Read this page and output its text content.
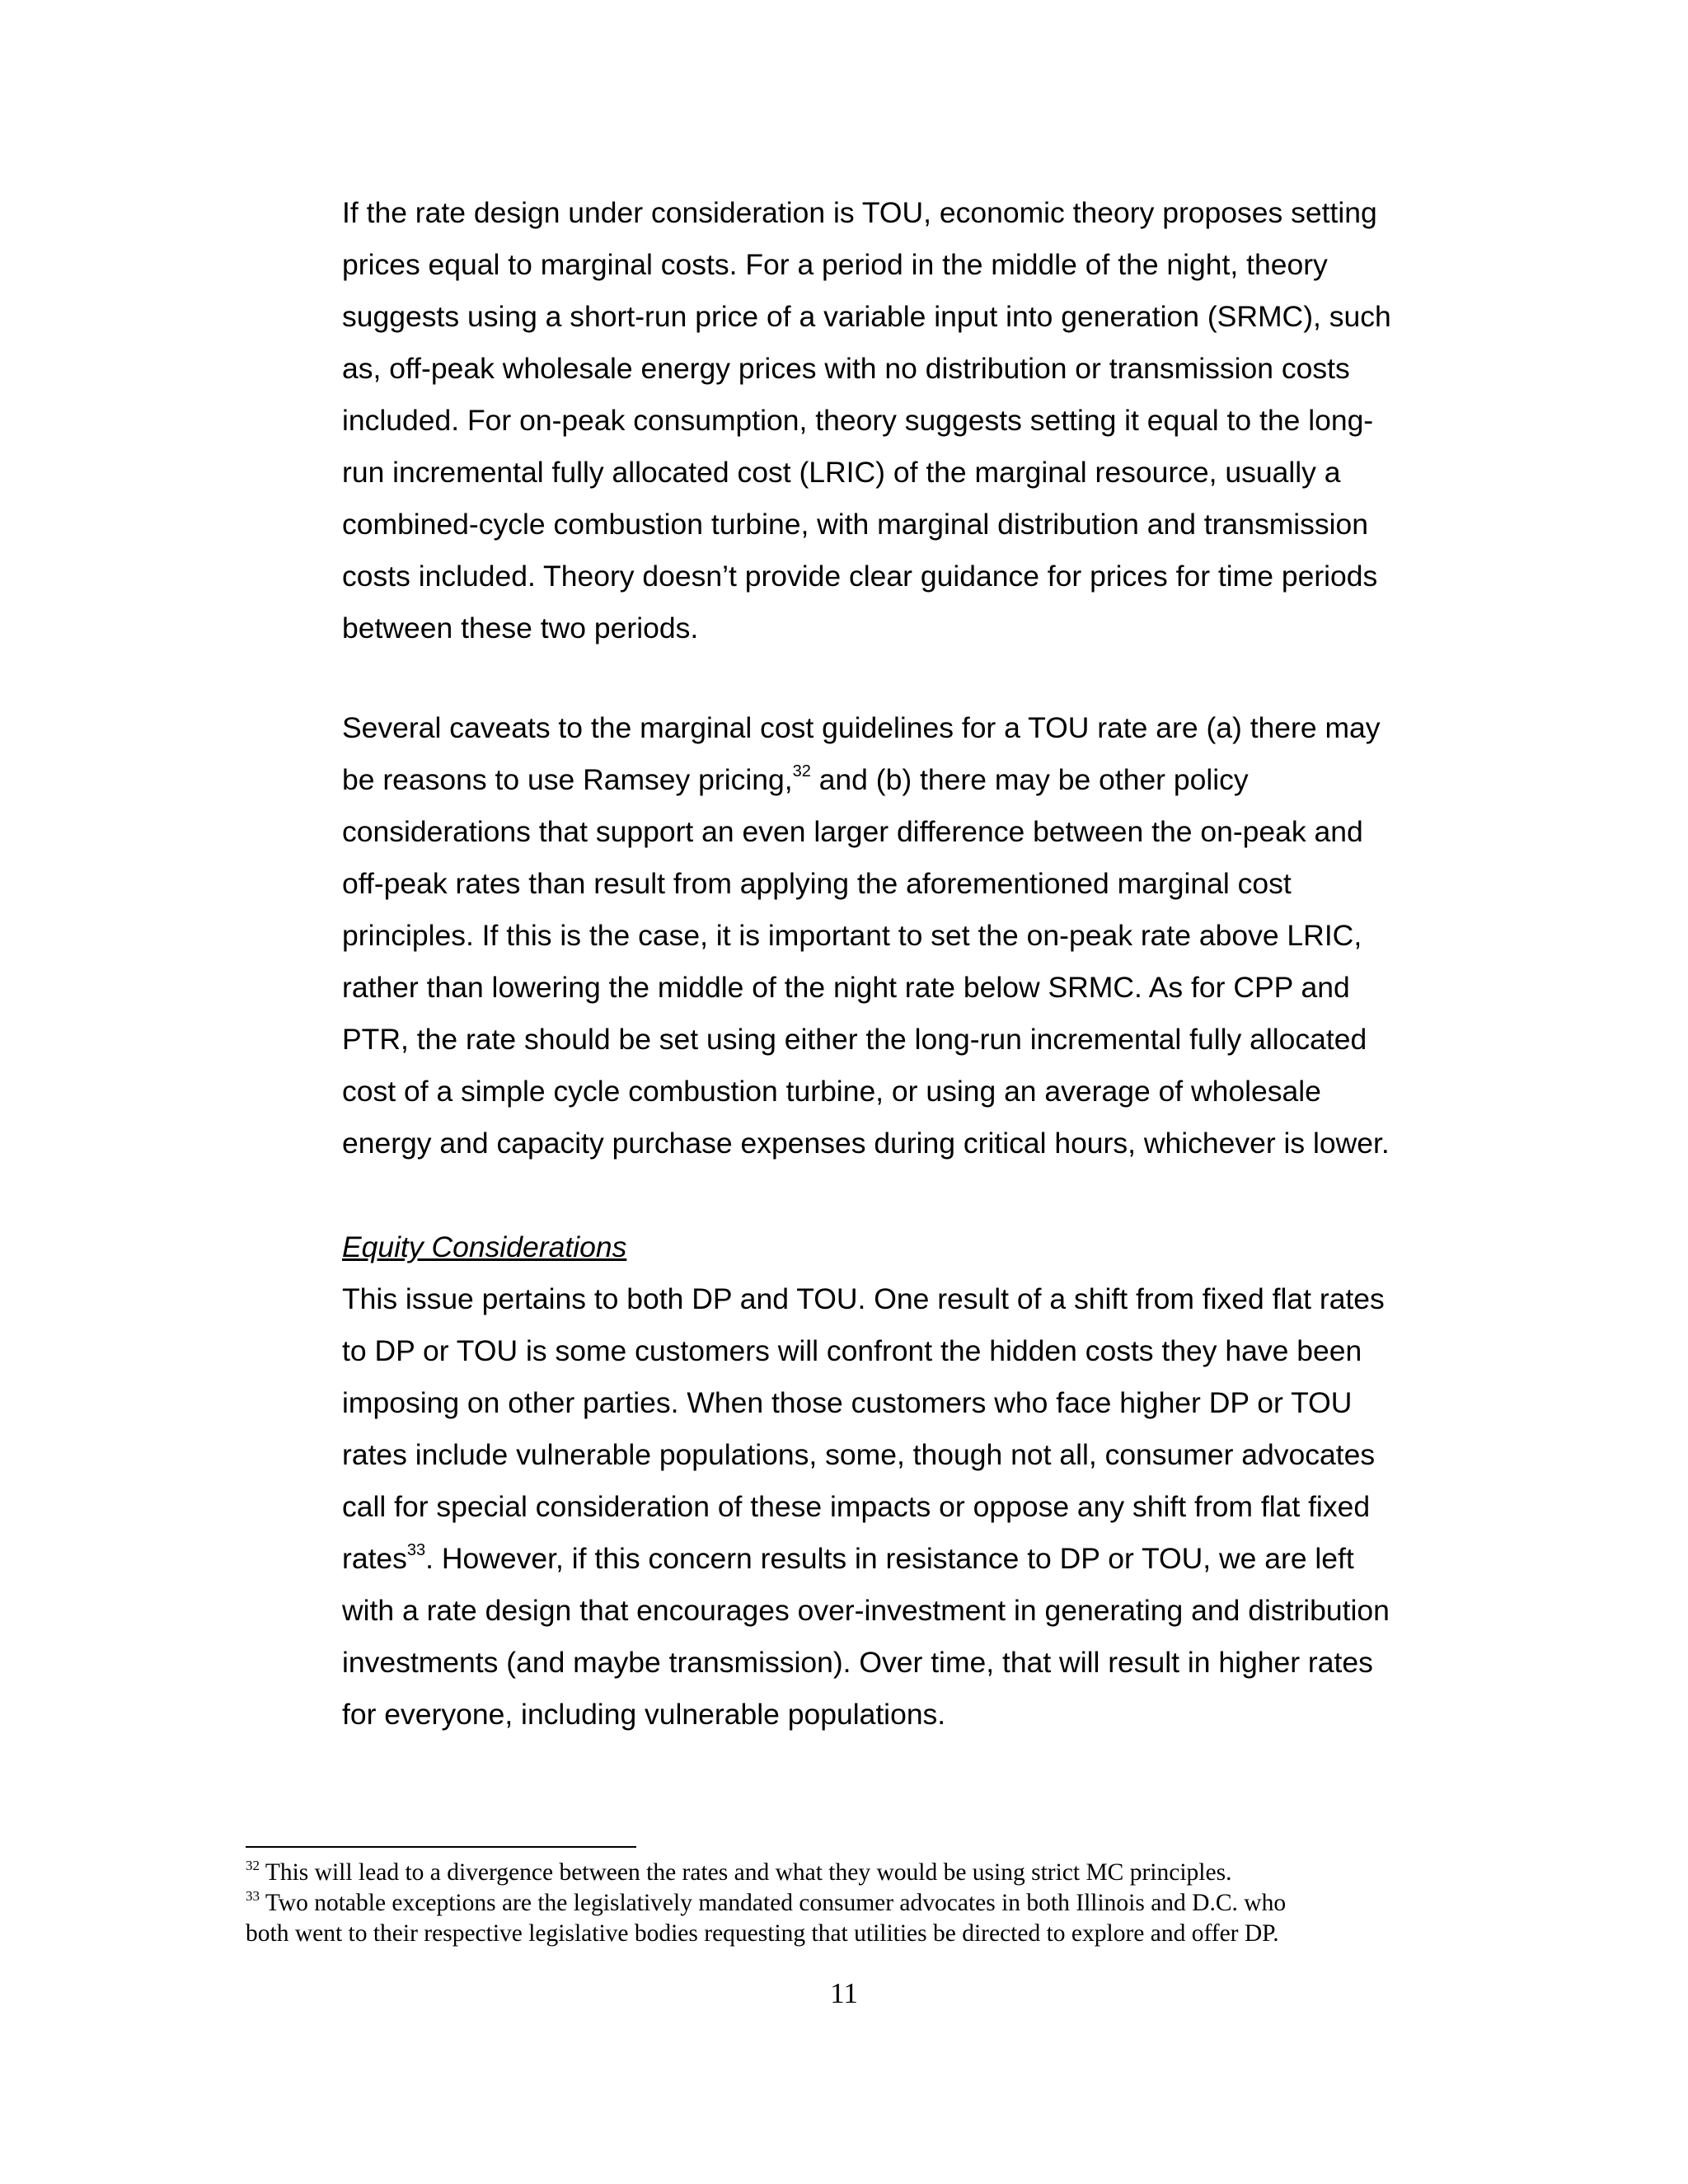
If the rate design under consideration is TOU, economic theory proposes setting
prices equal to marginal costs. For a period in the middle of the night, theory
suggests using a short-run price of a variable input into generation (SRMC), such
as, off-peak wholesale energy prices with no distribution or transmission costs
included. For on-peak consumption, theory suggests setting it equal to the long-
run incremental fully allocated cost (LRIC) of the marginal resource, usually a
combined-cycle combustion turbine, with marginal distribution and transmission
costs included. Theory doesn’t provide clear guidance for prices for time periods
between these two periods.
Several caveats to the marginal cost guidelines for a TOU rate are (a) there may
be reasons to use Ramsey pricing,$^{32}$ and (b) there may be other policy
considerations that support an even larger difference between the on-peak and
off-peak rates than result from applying the aforementioned marginal cost
principles. If this is the case, it is important to set the on-peak rate above LRIC,
rather than lowering the middle of the night rate below SRMC. As for CPP and
PTR, the rate should be set using either the long-run incremental fully allocated
cost of a simple cycle combustion turbine, or using an average of wholesale
energy and capacity purchase expenses during critical hours, whichever is lower.
Equity Considerations
This issue pertains to both DP and TOU. One result of a shift from fixed flat rates
to DP or TOU is some customers will confront the hidden costs they have been
imposing on other parties. When those customers who face higher DP or TOU
rates include vulnerable populations, some, though not all, consumer advocates
call for special consideration of these impacts or oppose any shift from flat fixed
rates$^{33}$. However, if this concern results in resistance to DP or TOU, we are left
with a rate design that encourages over-investment in generating and distribution
investments (and maybe transmission). Over time, that will result in higher rates
for everyone, including vulnerable populations.
$^{32}$ This will lead to a divergence between the rates and what they would be using strict MC principles.
$^{33}$ Two notable exceptions are the legislatively mandated consumer advocates in both Illinois and D.C. who
both went to their respective legislative bodies requesting that utilities be directed to explore and offer DP.
11
